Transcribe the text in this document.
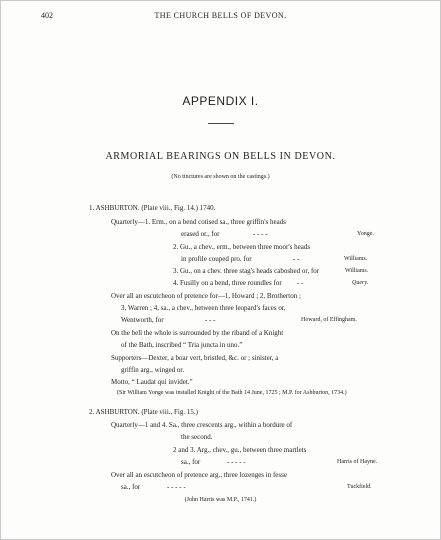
402	THE CHURCH BELLS OF DEVON.
APPENDIX I.
ARMORIAL BEARINGS ON BELLS IN DEVON.
(No tinctures are shown on the castings.)
1. ASHBURTON. (Plate viii., Fig. 14.) 1740.
Quarterly—1. Erm., on a bend cotised sa., three griffin's heads
erased or., for	- - - -	Yonge.
2. Gu., a chev., erm., between three moor's heads
in profile couped pro. for	- -	Williams.
3. Gu., on a chev. three stag's heads caboshed or, for	Williams.
4. Fusilly on a bend, three roundles for - -	Query.
Over all an escutcheon of pretence for—1, Howard ; 2, Brotherton ;
3, Warren ; 4, sa., a chev., between three leopard's faces or,
Wentworth, for	- - -	Howard, of Effingham.
On the bell the whole is surrounded by the riband of a Knight
of the Bath, inscribed “ Tria juncta in uno.”
Supporters—Dexter, a boar vert, bristled, &c. or ; sinister, a
griffin arg., winged or.
Motto, “ Laudat qui invidet.”
(Sir William Yonge was installed Knight of the Bath 14 June, 1725 ; M.P. for Ashburton, 1734.)
2. ASHBURTON. (Plate viii., Fig. 15.)
Quarterly—1 and 4. Sa., three crescents arg., within a bordure of
the second.
2 and 3. Arg., chev., gu., between three martlets
sa., for	- - - - -	Harris of Hayne.
Over all an escutcheon of pretence arg., three lozenges in fesse
sa., for	- - - - -	Tuckfield.
(John Harris was M.P., 1741.)
